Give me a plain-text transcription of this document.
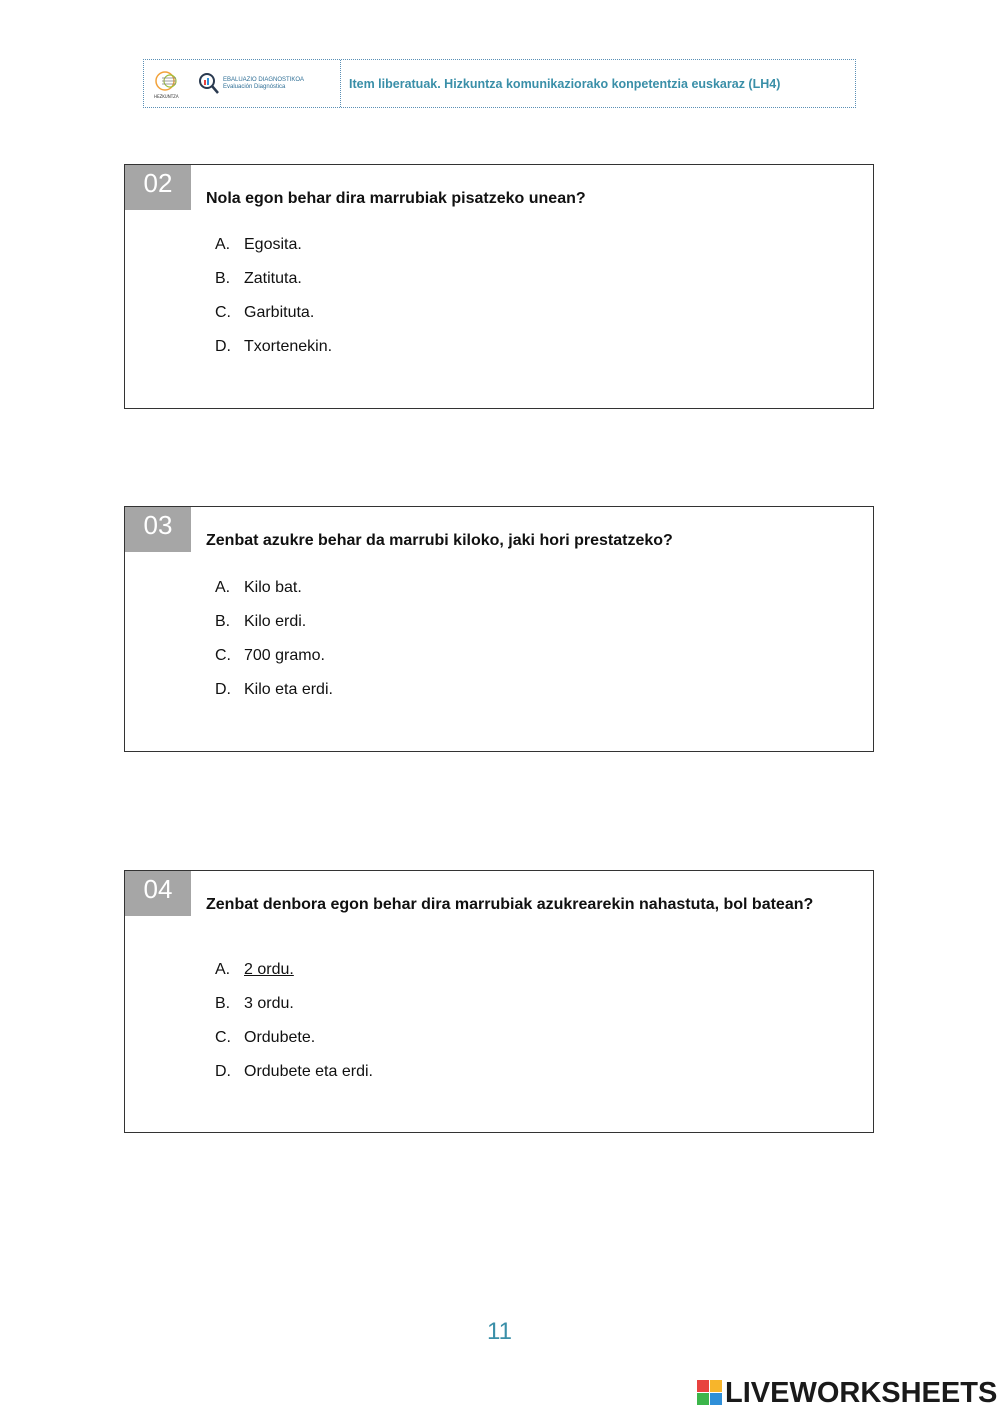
HEZKUNTZA
EBALUAZIO DIAGNOSTIKOA
Evaluación Diagnóstica	Item liberatuak. Hizkuntza komunikaziorako konpetentzia euskaraz (LH4)
02
Nola egon behar dira marrubiak pisatzeko unean?
A. Egosita.
B. Zatituta.
C. Garbituta.
D. Txortenekin.
03
Zenbat azukre behar da marrubi kiloko, jaki hori prestatzeko?
A. Kilo bat.
B. Kilo erdi.
C. 700 gramo.
D. Kilo eta erdi.
04
Zenbat denbora egon behar dira marrubiak azukrearekin nahastuta, bol batean?
A. 2 ordu.
B. 3 ordu.
C. Ordubete.
D. Ordubete eta erdi.
11
LIVEWORKSHEETS
